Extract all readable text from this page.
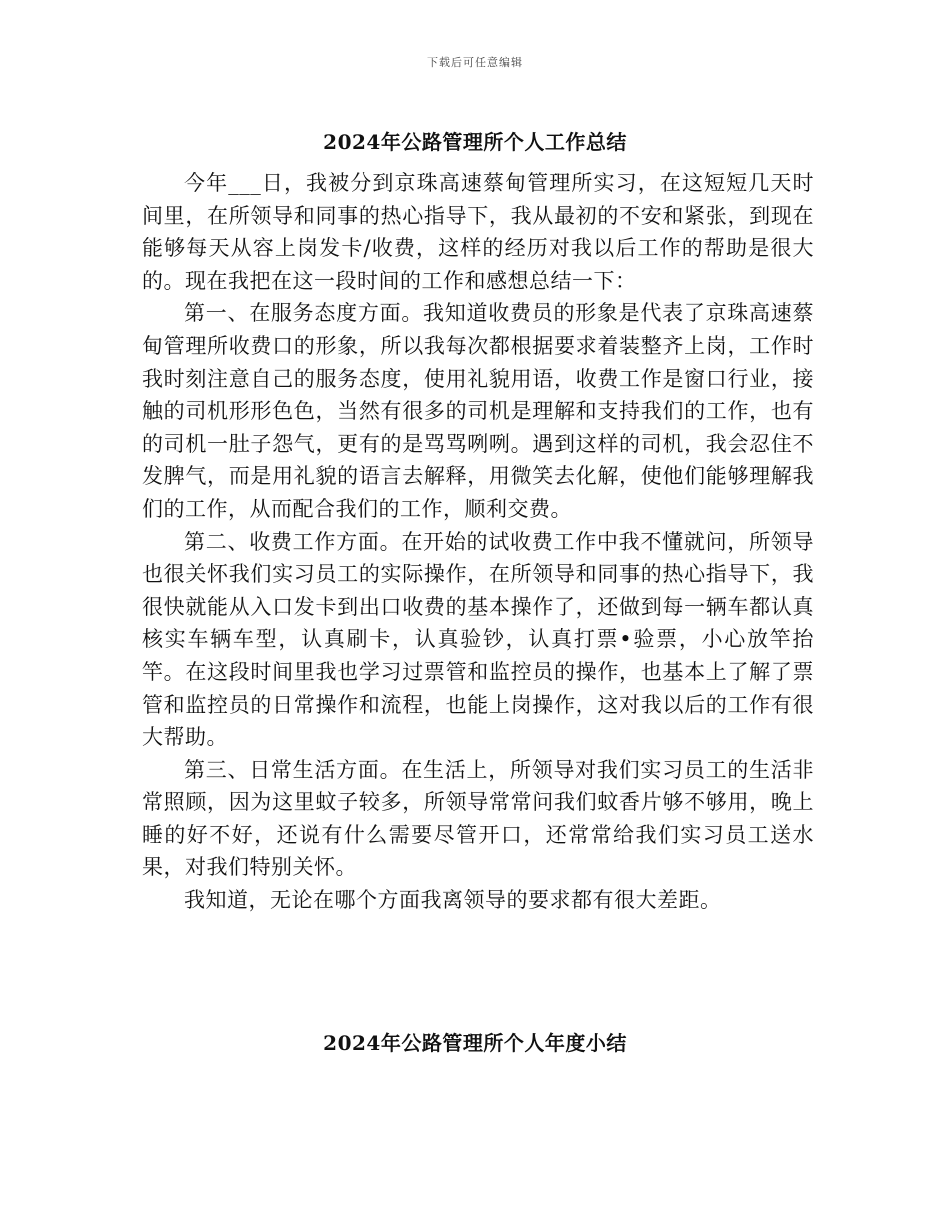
下载后可任意编辑
2024年公路管理所个人工作总结

今年___日，我被分到京珠高速蔡甸管理所实习，在这短短几天时间里，在所领导和同事的热心指导下，我从最初的不安和紧张，到现在能够每天从容上岗发卡/收费，这样的经历对我以后工作的帮助是很大的。现在我把在这一段时间的工作和感想总结一下：

第一、在服务态度方面。我知道收费员的形象是代表了京珠高速蔡甸管理所收费口的形象，所以我每次都根据要求着装整齐上岗，工作时我时刻注意自己的服务态度，使用礼貌用语，收费工作是窗口行业，接触的司机形形色色，当然有很多的司机是理解和支持我们的工作，也有的司机一肚子怨气，更有的是骂骂咧咧。遇到这样的司机，我会忍住不发脾气，而是用礼貌的语言去解释，用微笑去化解，使他们能够理解我们的工作，从而配合我们的工作，顺利交费。

第二、收费工作方面。在开始的试收费工作中我不懂就问，所领导也很关怀我们实习员工的实际操作，在所领导和同事的热心指导下，我很快就能从入口发卡到出口收费的基本操作了，还做到每一辆车都认真核实车辆车型，认真刷卡，认真验钞，认真打票•验票，小心放竿抬竿。在这段时间里我也学习过票管和监控员的操作，也基本上了解了票管和监控员的日常操作和流程，也能上岗操作，这对我以后的工作有很大帮助。

第三、日常生活方面。在生活上，所领导对我们实习员工的生活非常照顾，因为这里蚊子较多，所领导常常问我们蚊香片够不够用，晚上睡的好不好，还说有什么需要尽管开口，还常常给我们实习员工送水果，对我们特别关怀。

我知道，无论在哪个方面我离领导的要求都有很大差距。

2024年公路管理所个人年度小结
